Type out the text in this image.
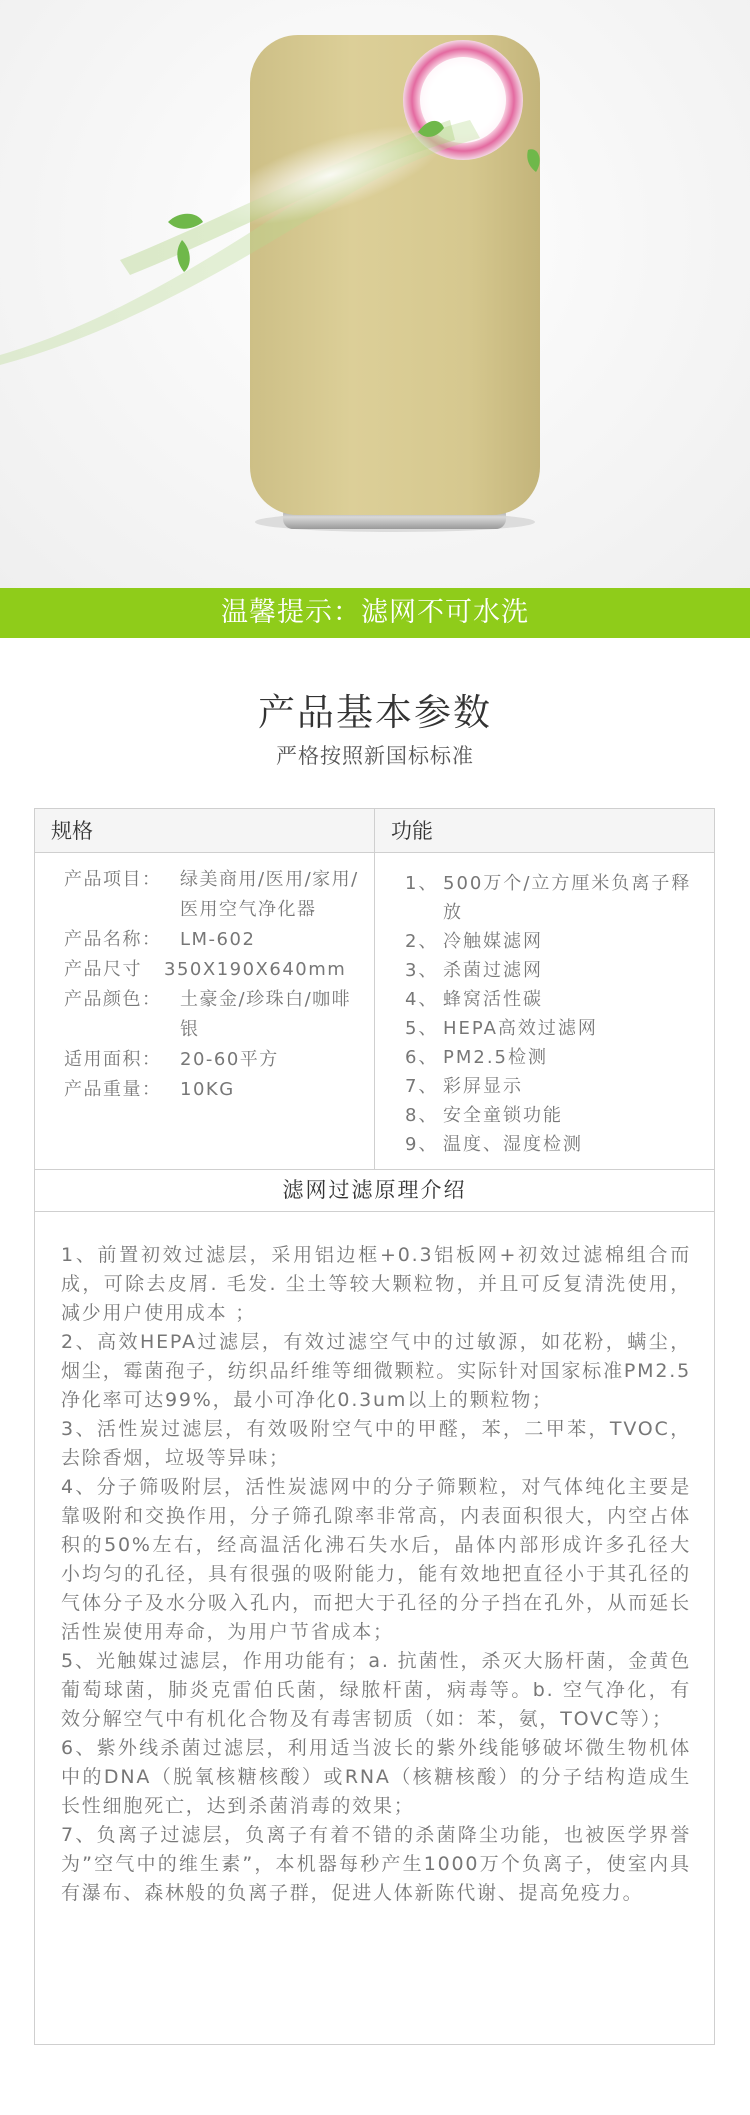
温馨提示：滤网不可水洗
产品基本参数
严格按照新国标标准
规格	功能
产品项目：	绿美商用/医用/家用/医用空气净化器
产品名称：	LM-602
产品尺寸	350X190X640mm
产品颜色：	土豪金/珍珠白/咖啡银
适用面积：	20-60平方
产品重量：	10KG
1、 500万个/立方厘米负离子释放
2、 冷触媒滤网
3、 杀菌过滤网
4、 蜂窝活性碳
5、 HEPA高效过滤网
6、 PM2.5检测
7、 彩屏显示
8、 安全童锁功能
9、 温度、湿度检测
滤网过滤原理介绍

1、前置初效过滤层，采用铝边框+0.3铝板网+初效过滤棉组合而成，可除去皮屑. 毛发. 尘土等较大颗粒物，并且可反复清洗使用，减少用户使用成本 ；

2、高效HEPA过滤层，有效过滤空气中的过敏源，如花粉，螨尘，烟尘，霉菌孢子，纺织品纤维等细微颗粒。实际针对国家标准PM2.5净化率可达99%，最小可净化0.3um以上的颗粒物；

3、活性炭过滤层，有效吸附空气中的甲醛，苯，二甲苯，TVOC，去除香烟，垃圾等异味；

4、分子筛吸附层，活性炭滤网中的分子筛颗粒，对气体纯化主要是靠吸附和交换作用，分子筛孔隙率非常高，内表面积很大，内空占体积的50%左右，经高温活化沸石失水后，晶体内部形成许多孔径大小均匀的孔径，具有很强的吸附能力，能有效地把直径小于其孔径的气体分子及水分吸入孔内，而把大于孔径的分子挡在孔外，从而延长活性炭使用寿命，为用户节省成本；

5、光触媒过滤层，作用功能有；a. 抗菌性，杀灭大肠杆菌，金黄色葡萄球菌，肺炎克雷伯氏菌，绿脓杆菌，病毒等。b. 空气净化，有效分解空气中有机化合物及有毒害韧质（如：苯，氨，TOVC等）；

6、紫外线杀菌过滤层，利用适当波长的紫外线能够破坏微生物机体中的DNA（脱氧核糖核酸）或RNA（核糖核酸）的分子结构造成生长性细胞死亡，达到杀菌消毒的效果；

7、负离子过滤层，负离子有着不错的杀菌降尘功能，也被医学界誉为”空气中的维生素”，本机器每秒产生1000万个负离子，使室内具有瀑布、森林般的负离子群，促进人体新陈代谢、提高免疫力。
